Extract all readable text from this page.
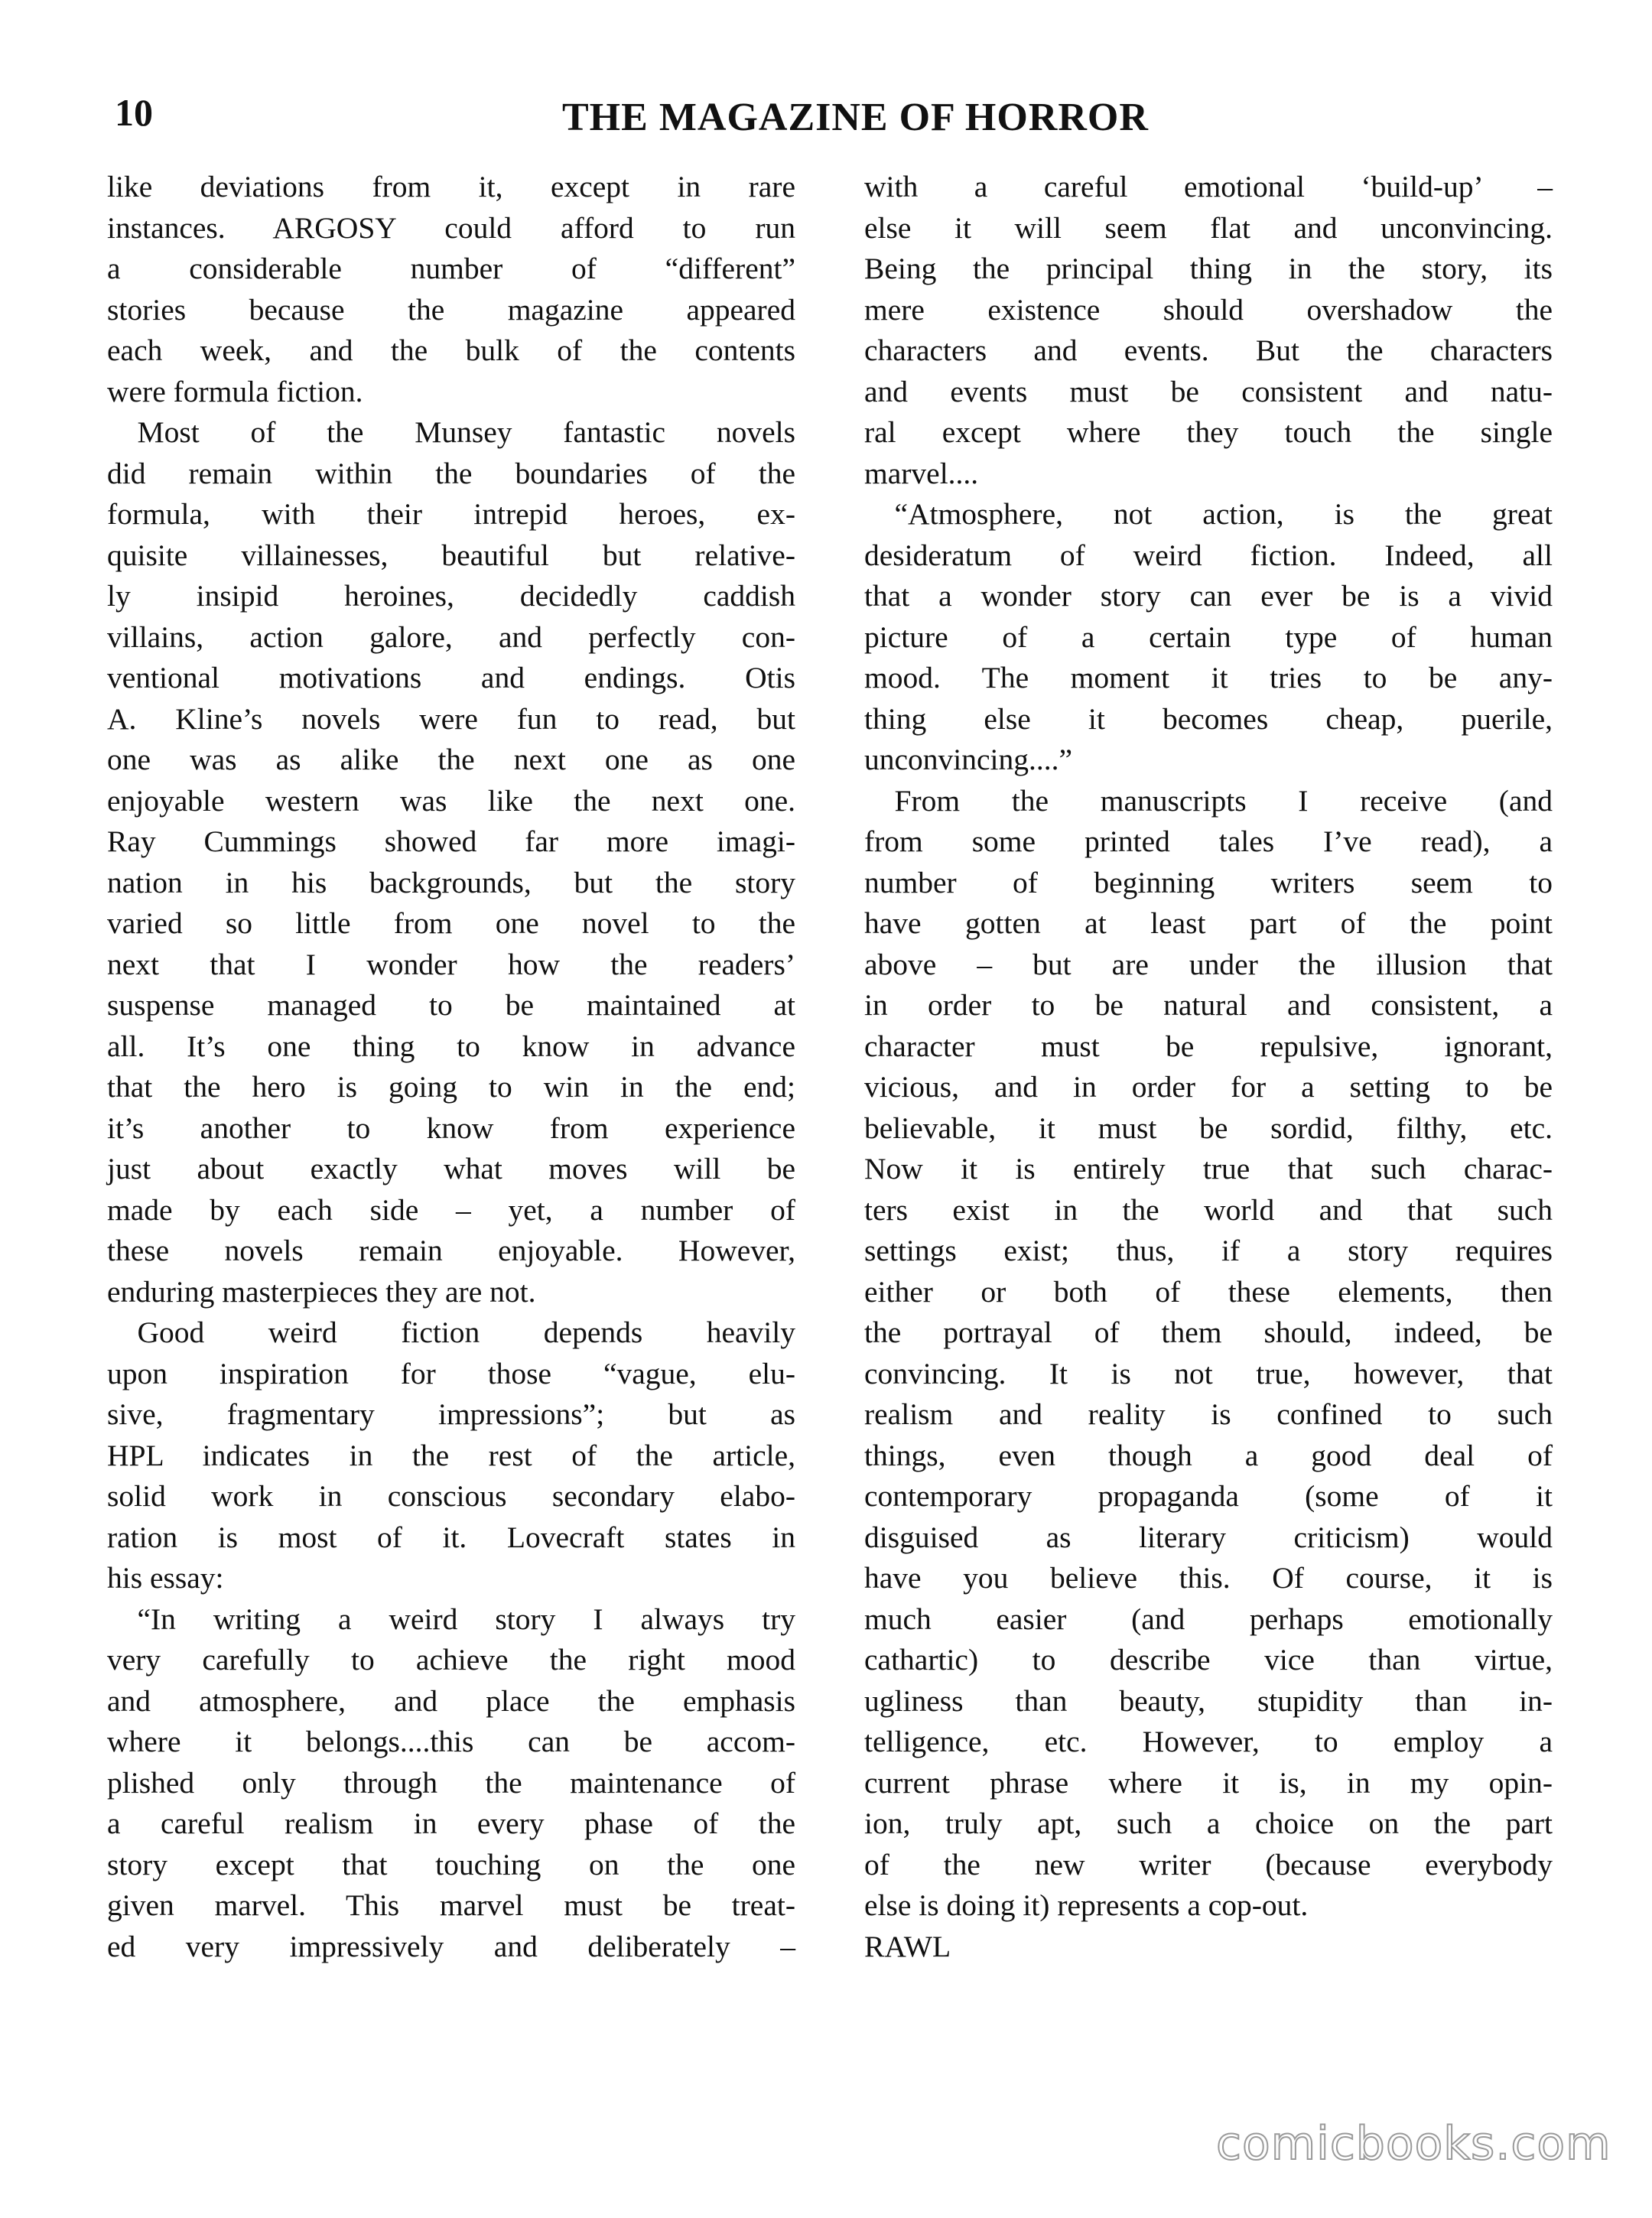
10	THE MAGAZINE OF HORROR

like deviations from it, except in rare

instances. ARGOSY could afford to run

a considerable number of “different”

stories because the magazine appeared

each week, and the bulk of the contents

were formula fiction.

 Most of the Munsey fantastic novels

did remain within the boundaries of the

formula, with their intrepid heroes, ex-

quisite villainesses, beautiful but relative-

ly insipid heroines, decidedly caddish

villains, action galore, and perfectly con-

ventional motivations and endings. Otis

A. Kline’s novels were fun to read, but

one was as alike the next one as one

enjoyable western was like the next one.

Ray Cummings showed far more imagi-

nation in his backgrounds, but the story

varied so little from one novel to the

next that I wonder how the readers’

suspense managed to be maintained at

all. It’s one thing to know in advance

that the hero is going to win in the end;

it’s another to know from experience

just about exactly what moves will be

made by each side – yet, a number of

these novels remain enjoyable. However,

enduring masterpieces they are not.

 Good weird fiction depends heavily

upon inspiration for those “vague, elu-

sive, fragmentary impressions”; but as

HPL indicates in the rest of the article,

solid work in conscious secondary elabo-

ration is most of it. Lovecraft states in

his essay:

 “In writing a weird story I always try

very carefully to achieve the right mood

and atmosphere, and place the emphasis

where it belongs....this can be accom-

plished only through the maintenance of

a careful realism in every phase of the

story except that touching on the one

given marvel. This marvel must be treat-

ed very impressively and deliberately –

with a careful emotional ‘build-up’ –

else it will seem flat and unconvincing.

Being the principal thing in the story, its

mere existence should overshadow the

characters and events. But the characters

and events must be consistent and natu-

ral except where they touch the single

marvel....

 “Atmosphere, not action, is the great

desideratum of weird fiction. Indeed, all

that a wonder story can ever be is a vivid

picture of a certain type of human

mood. The moment it tries to be any-

thing else it becomes cheap, puerile,

unconvincing....”

 From the manuscripts I receive (and

from some printed tales I’ve read), a

number of beginning writers seem to

have gotten at least part of the point

above – but are under the illusion that

in order to be natural and consistent, a

character must be repulsive, ignorant,

vicious, and in order for a setting to be

believable, it must be sordid, filthy, etc.

Now it is entirely true that such charac-

ters exist in the world and that such

settings exist; thus, if a story requires

either or both of these elements, then

the portrayal of them should, indeed, be

convincing. It is not true, however, that

realism and reality is confined to such

things, even though a good deal of

contemporary propaganda (some of it

disguised as literary criticism) would

have you believe this. Of course, it is

much easier (and perhaps emotionally

cathartic) to describe vice than virtue,

ugliness than beauty, stupidity than in-

telligence, etc. However, to employ a

current phrase where it is, in my opin-

ion, truly apt, such a choice on the part

of the new writer (because everybody

else is doing it) represents a cop-out.

RAWL

comicbooks.com
